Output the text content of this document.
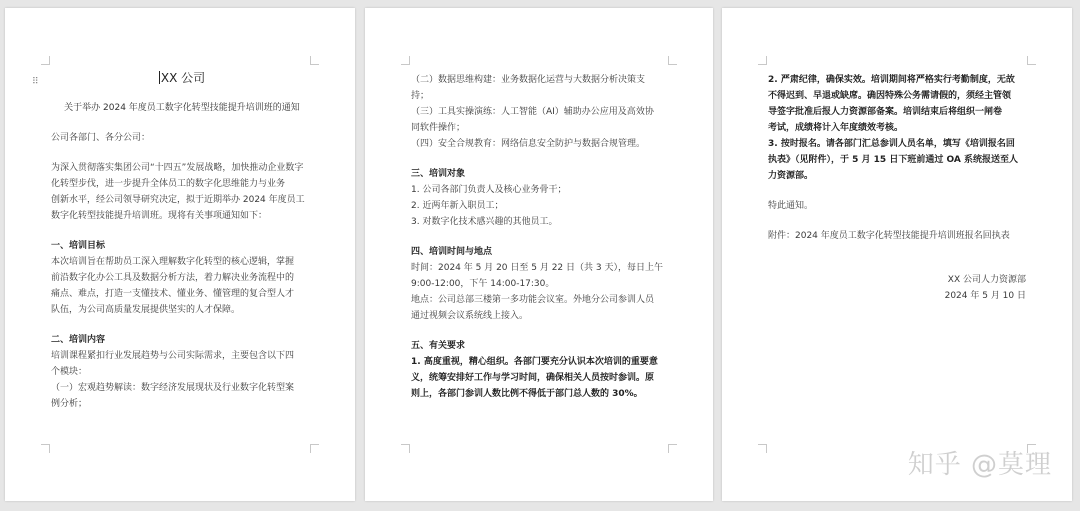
⠿	XX 公司
关于举办 2024 年度员工数字化转型技能提升培训班的通知
公司各部门、各分公司：
为深入贯彻落实集团公司“十四五”发展战略，加快推动企业数字
化转型步伐，进一步提升全体员工的数字化思维能力与业务
创新水平，经公司领导研究决定，拟于近期举办 2024 年度员工
数字化转型技能提升培训班。现将有关事项通知如下：
一、培训目标
本次培训旨在帮助员工深入理解数字化转型的核心逻辑，掌握
前沿数字化办公工具及数据分析方法，着力解决业务流程中的
痛点、难点，打造一支懂技术、懂业务、懂管理的复合型人才
队伍，为公司高质量发展提供坚实的人才保障。
二、培训内容
培训课程紧扣行业发展趋势与公司实际需求，主要包含以下四
个模块：
（一）宏观趋势解读：数字经济发展现状及行业数字化转型案
例分析；
（二）数据思维构建：业务数据化运营与大数据分析决策支
持；
（三）工具实操演练：人工智能（AI）辅助办公应用及高效协
同软件操作；
（四）安全合规教育：网络信息安全防护与数据合规管理。
三、培训对象
1. 公司各部门负责人及核心业务骨干；
2. 近两年新入职员工；
3. 对数字化技术感兴趣的其他员工。
四、培训时间与地点
时间：2024 年 5 月 20 日至 5 月 22 日（共 3 天），每日上午
9:00-12:00，下午 14:00-17:30。
地点：公司总部三楼第一多功能会议室。外地分公司参训人员
通过视频会议系统线上接入。
五、有关要求
1. 高度重视，精心组织。各部门要充分认识本次培训的重要意
义，统筹安排好工作与学习时间，确保相关人员按时参训。原
则上，各部门参训人数比例不得低于部门总人数的 30%。
2. 严肃纪律，确保实效。培训期间将严格实行考勤制度，无故
不得迟到、早退或缺席。确因特殊公务需请假的，须经主管领
导签字批准后报人力资源部备案。培训结束后将组织一闸卷
考试，成绩将计入年度绩效考核。
3. 按时报名。请各部门汇总参训人员名单，填写《培训报名回
执表》（见附件），于 5 月 15 日下班前通过 OA 系统报送至人
力资源部。
特此通知。
附件：2024 年度员工数字化转型技能提升培训班报名回执表
XX 公司人力资源部
2024 年 5 月 10 日
知乎 @莫理
